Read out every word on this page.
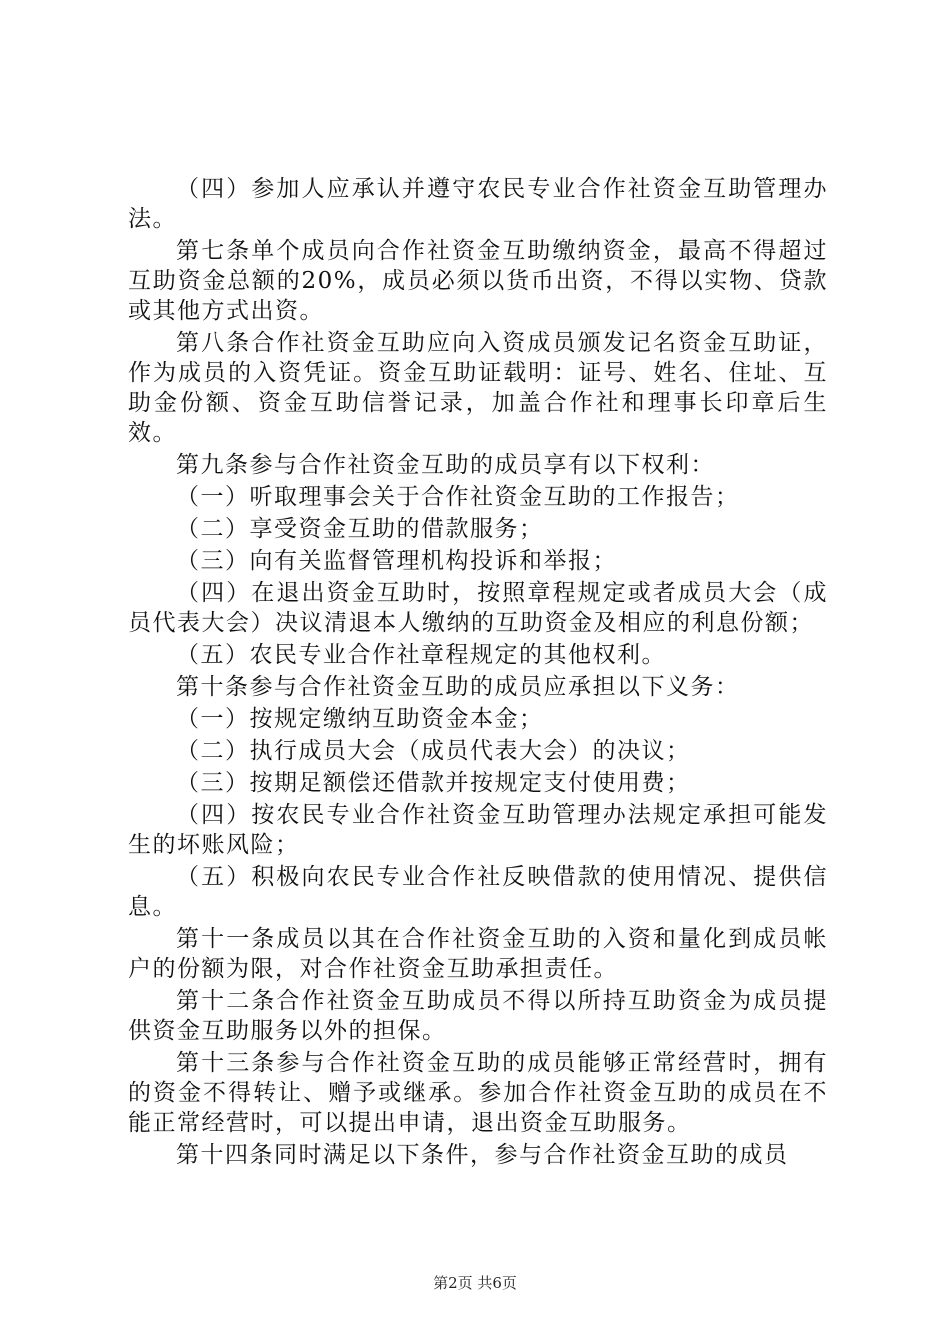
（四）参加人应承认并遵守农民专业合作社资金互助管理办法。

第七条单个成员向合作社资金互助缴纳资金，最高不得超过互助资金总额的20%，成员必须以货币出资，不得以实物、贷款或其他方式出资。

第八条合作社资金互助应向入资成员颁发记名资金互助证，作为成员的入资凭证。资金互助证载明：证号、姓名、住址、互助金份额、资金互助信誉记录，加盖合作社和理事长印章后生效。

第九条参与合作社资金互助的成员享有以下权利：

（一）听取理事会关于合作社资金互助的工作报告；

（二）享受资金互助的借款服务；

（三）向有关监督管理机构投诉和举报；

（四）在退出资金互助时，按照章程规定或者成员大会（成员代表大会）决议清退本人缴纳的互助资金及相应的利息份额；

（五）农民专业合作社章程规定的其他权利。

第十条参与合作社资金互助的成员应承担以下义务：

（一）按规定缴纳互助资金本金；

（二）执行成员大会（成员代表大会）的决议；

（三）按期足额偿还借款并按规定支付使用费；

（四）按农民专业合作社资金互助管理办法规定承担可能发生的坏账风险；

（五）积极向农民专业合作社反映借款的使用情况、提供信息。

第十一条成员以其在合作社资金互助的入资和量化到成员帐户的份额为限，对合作社资金互助承担责任。

第十二条合作社资金互助成员不得以所持互助资金为成员提供资金互助服务以外的担保。

第十三条参与合作社资金互助的成员能够正常经营时，拥有的资金不得转让、赠予或继承。参加合作社资金互助的成员在不能正常经营时，可以提出申请，退出资金互助服务。

第十四条同时满足以下条件，参与合作社资金互助的成员

第2页 共6页
